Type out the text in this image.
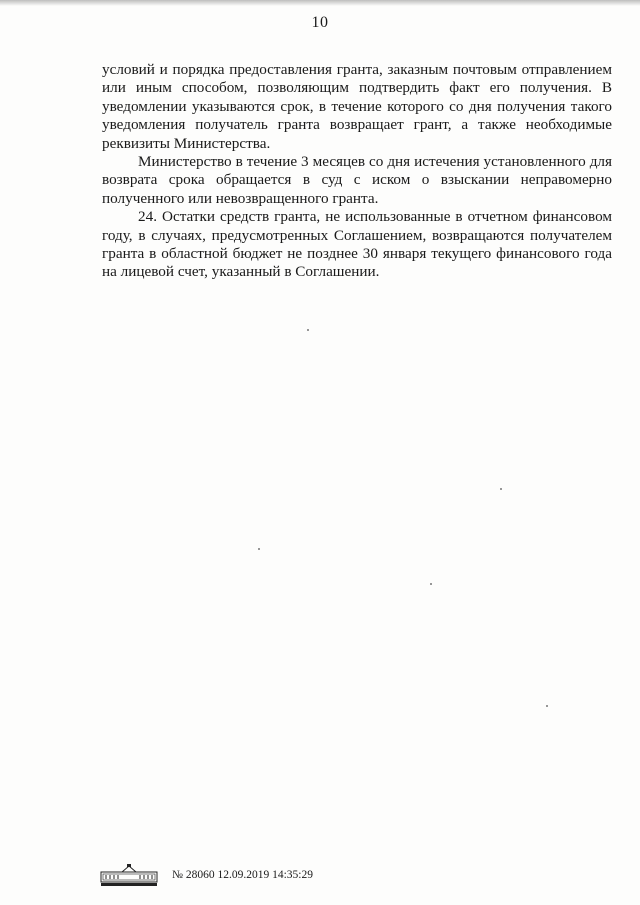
10

условий и порядка предоставления гранта, заказным почтовым отправлением или иным способом, позволяющим подтвердить факт его получения. В уведомлении указываются срок, в течение которого со дня получения такого уведомления получатель гранта возвращает грант, а также необходимые реквизиты Министерства.

Министерство в течение 3 месяцев со дня истечения установленного для возврата срока обращается в суд с иском о взыскании неправомерно полученного или невозвращенного гранта.

24. Остатки средств гранта, не использованные в отчетном финансовом году, в случаях, предусмотренных Соглашением, возвращаются получателем гранта в областной бюджет не позднее 30 января текущего финансового года на лицевой счет, указанный в Соглашении.

№ 28060 12.09.2019 14:35:29
